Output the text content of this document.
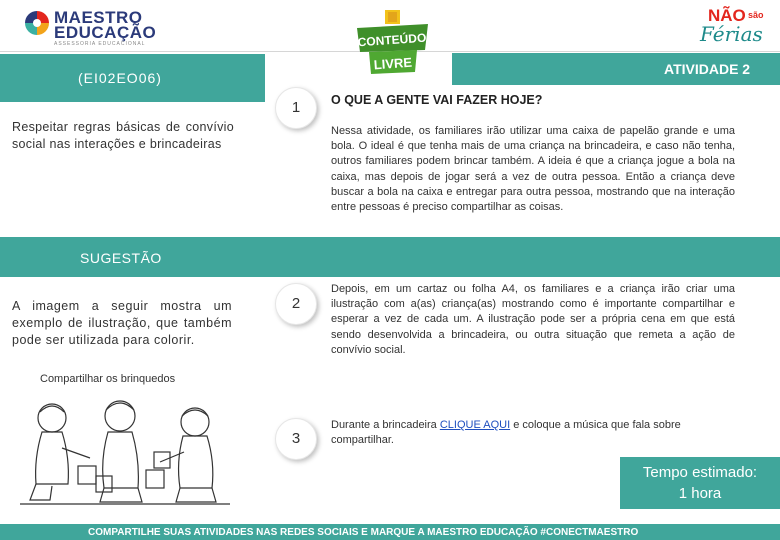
MAESTRO
EDUCAÇÃO
ASSESSORIA EDUCACIONAL	CONTEÚDO
LIVRE
NÃO são
Férias
(EI02EO06)
Respeitar regras básicas de convívio social nas interações e brincadeiras
ATIVIDADE 2
1	O QUE A GENTE VAI FAZER HOJE?
Nessa atividade, os familiares irão utilizar uma caixa de papelão grande e uma bola. O ideal é que tenha mais de uma criança na brincadeira, e caso não tenha, outros familiares podem brincar também. A ideia é que a criança jogue a bola na caixa, mas depois de jogar será a vez de outra pessoa. Então a criança deve buscar a bola na caixa e entregar para outra pessoa, mostrando que na interação entre pessoas é preciso compartilhar as coisas.
SUGESTÃO
A imagem a seguir mostra um exemplo de ilustração, que também pode ser utilizada para colorir.
Compartilhar os brinquedos
2
Depois, em um cartaz ou folha A4, os familiares e a criança irão criar uma ilustração com a(as) criança(as) mostrando como é importante compartilhar e esperar a vez de cada um. A ilustração pode ser a própria cena em que está sendo desenvolvida a brincadeira, ou outra situação que remeta a ação de convívio social.
3
Durante a brincadeira CLIQUE AQUI e coloque a música que fala sobre compartilhar.
Tempo estimado:
1 hora
COMPARTILHE SUAS ATIVIDADES NAS REDES SOCIAIS E MARQUE A MAESTRO EDUCAÇÃO #CONECTMAESTRO
